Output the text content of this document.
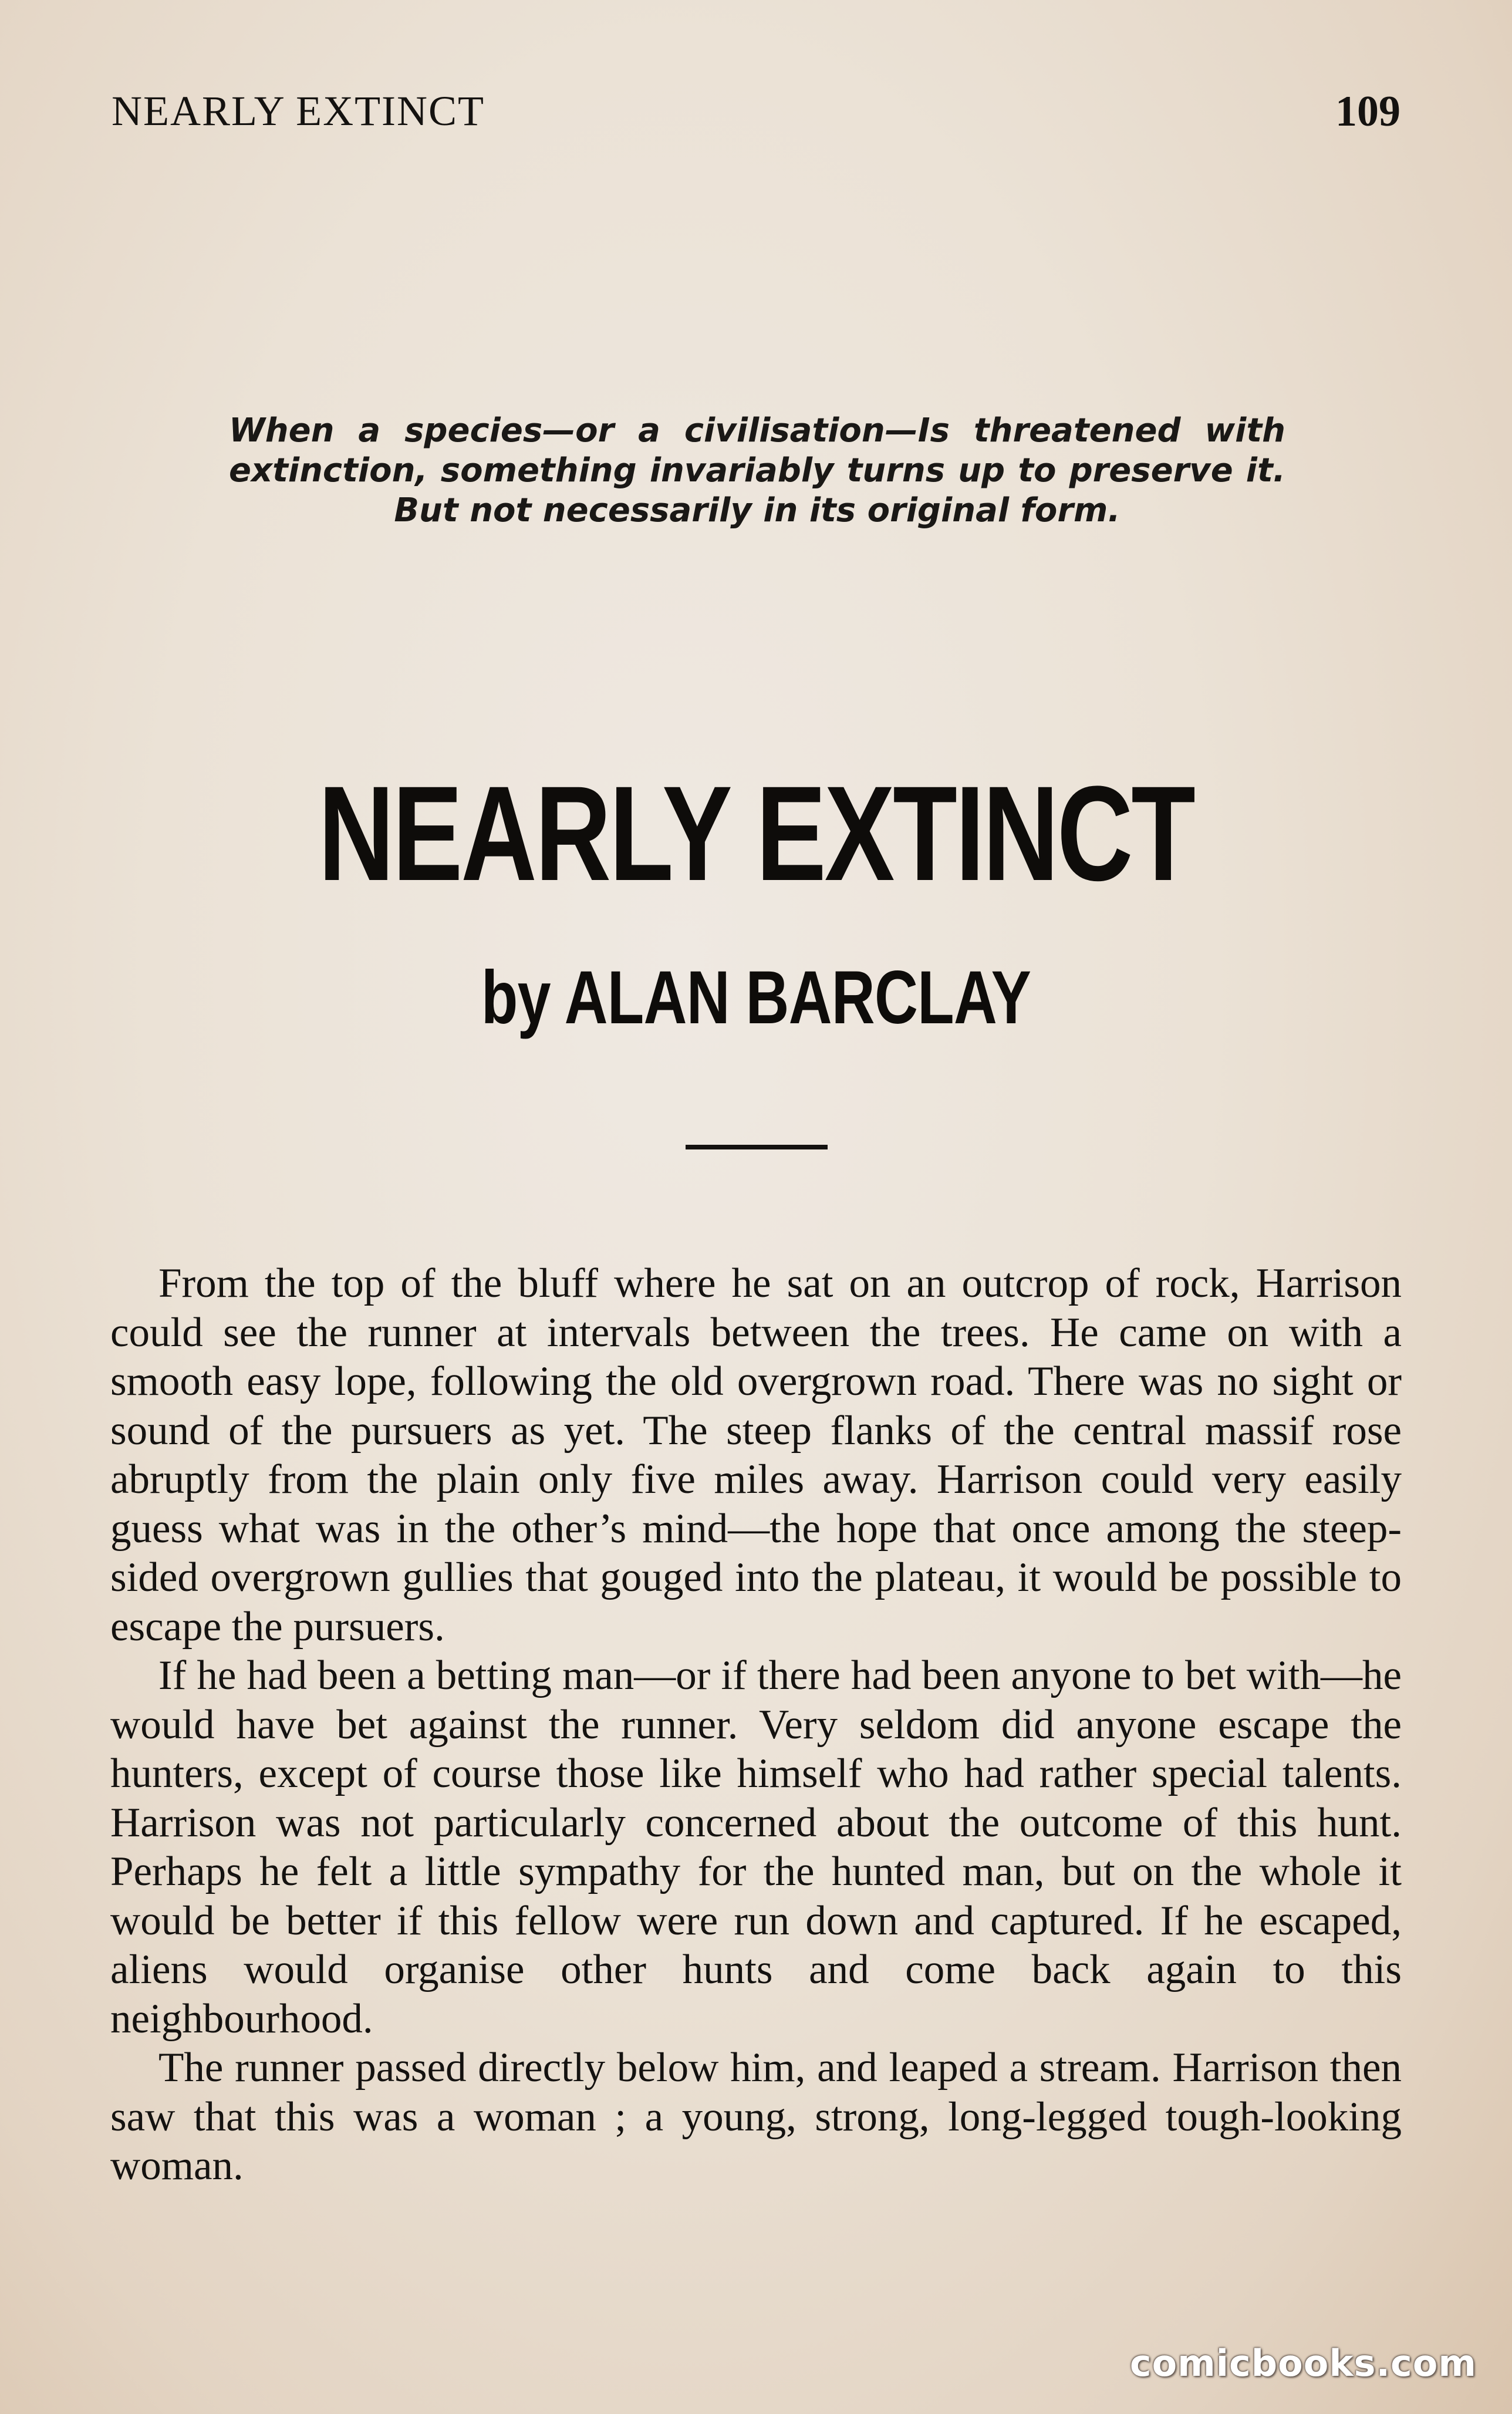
NEARLY EXTINCT	109
When a species—or a civilisation—Is threatened with extinction, something invariably turns up to preserve it. But not necessarily in its original form.
NEARLY EXTINCT
by ALAN BARCLAY

From the top of the bluff where he sat on an outcrop of rock, Harrison could see the runner at intervals between the trees. He came on with a smooth easy lope, following the old overgrown road. There was no sight or sound of the pursuers as yet. The steep flanks of the central massif rose abruptly from the plain only five miles away. Harrison could very easily guess what was in the other’s mind—the hope that once among the steep-sided overgrown gullies that gouged into the plateau, it would be possible to escape the pursuers.

If he had been a betting man—or if there had been anyone to bet with—he would have bet against the runner. Very seldom did anyone escape the hunters, except of course those like himself who had rather special talents. Harrison was not particularly concerned about the outcome of this hunt. Perhaps he felt a little sympathy for the hunted man, but on the whole it would be better if this fellow were run down and captured. If he escaped, aliens would organise other hunts and come back again to this neighbourhood.

The runner passed directly below him, and leaped a stream. Harrison then saw that this was a woman ; a young, strong, long-legged tough-looking woman.

comicbooks.com
